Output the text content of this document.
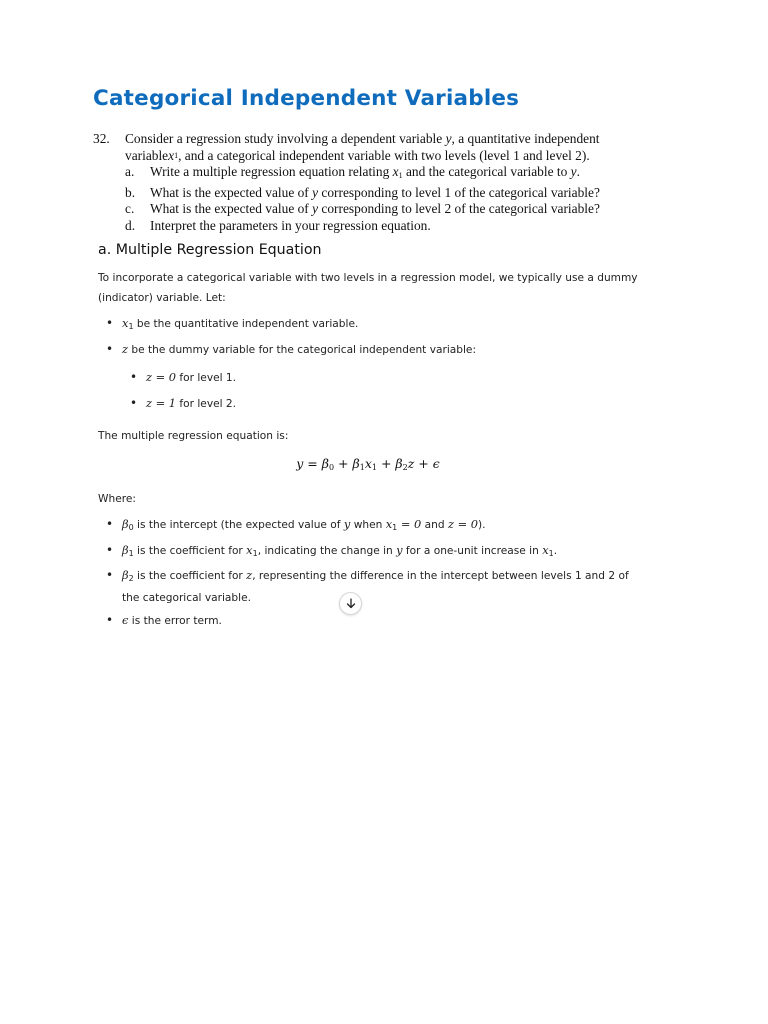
Categorical Independent Variables
32.	Consider a regression study involving a dependent variable y, a quantitative independent
variable x 1 , and a categorical independent variable with two levels (level 1 and level 2).
a.	Write a multiple regression equation relating $x_1$ and the categorical variable to y.
b.	What is the expected value of y corresponding to level 1 of the categorical variable?
c.	What is the expected value of y corresponding to level 2 of the categorical variable?
d.	Interpret the parameters in your regression equation.
a. Multiple Regression Equation
To incorporate a categorical variable with two levels in a regression model, we typically use a dummy
(indicator) variable. Let:
• $x_1$ be the quantitative independent variable.
• z be the dummy variable for the categorical independent variable:
• z = 0 for level 1.
• z = 1 for level 2.
The multiple regression equation is:
$y = \beta_0 + \beta_1x_1 + \beta_2z + \epsilon$
Where:
• $\beta_0$ is the intercept (the expected value of y when $x_1 = 0$ and z = 0).
• $\beta_1$ is the coefficient for $x_1$, indicating the change in y for a one-unit increase in $x_1$.
• $\beta_2$ is the coefficient for z, representing the difference in the intercept between levels 1 and 2 of
the categorical variable.
• ϵ is the error term.
